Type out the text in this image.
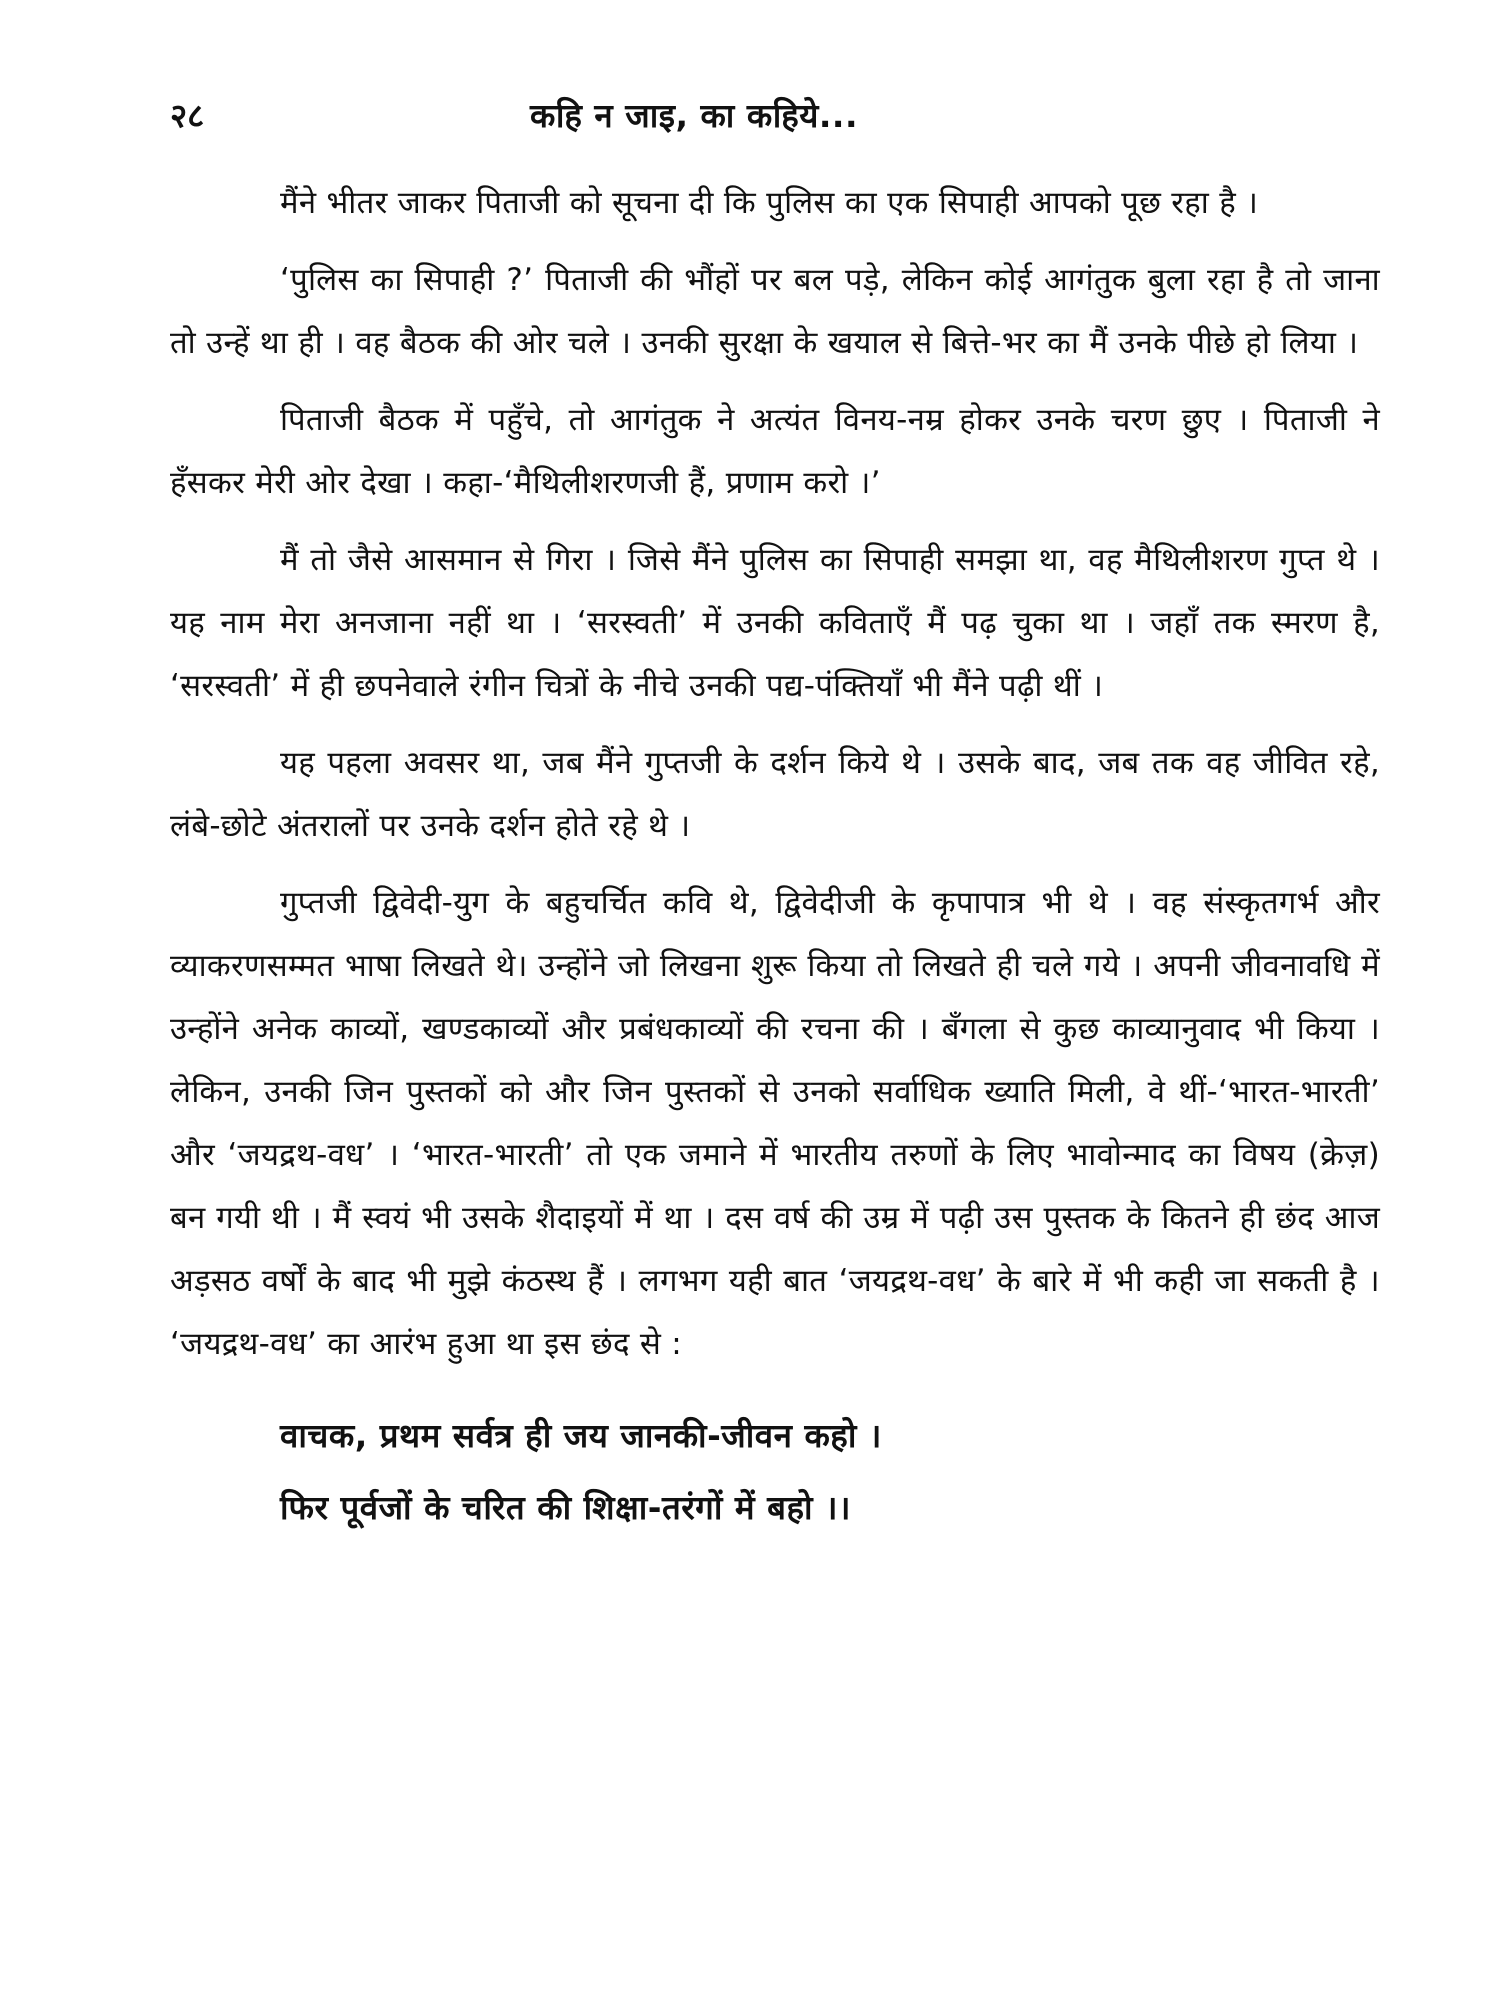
२८	कहि न जाइ, का कहिये...

मैंने भीतर जाकर पिताजी को सूचना दी कि पुलिस का एक सिपाही आपको पूछ रहा है ।

‘पुलिस का सिपाही ?’ पिताजी की भौंहों पर बल पड़े, लेकिन कोई आगंतुक बुला रहा है तो जाना तो उन्हें था ही । वह बैठक की ओर चले । उनकी सुरक्षा के खयाल से बित्ते-भर का मैं उनके पीछे हो लिया ।

पिताजी बैठक में पहुँचे, तो आगंतुक ने अत्यंत विनय-नम्र होकर उनके चरण छुए । पिताजी ने हँसकर मेरी ओर देखा । कहा-‘मैथिलीशरणजी हैं, प्रणाम करो ।’

मैं तो जैसे आसमान से गिरा । जिसे मैंने पुलिस का सिपाही समझा था, वह मैथिलीशरण गुप्त थे । यह नाम मेरा अनजाना नहीं था । ‘सरस्वती’ में उनकी कविताएँ मैं पढ़ चुका था । जहाँ तक स्मरण है, ‘सरस्वती’ में ही छपनेवाले रंगीन चित्रों के नीचे उनकी पद्य-पंक्तियाँ भी मैंने पढ़ी थीं ।

यह पहला अवसर था, जब मैंने गुप्तजी के दर्शन किये थे । उसके बाद, जब तक वह जीवित रहे, लंबे-छोटे अंतरालों पर उनके दर्शन होते रहे थे ।

गुप्तजी द्विवेदी-युग के बहुचर्चित कवि थे, द्विवेदीजी के कृपापात्र भी थे । वह संस्कृतगर्भ और व्याकरणसम्मत भाषा लिखते थे। उन्होंने जो लिखना शुरू किया तो लिखते ही चले गये । अपनी जीवनावधि में उन्होंने अनेक काव्यों, खण्डकाव्यों और प्रबंधकाव्यों की रचना की । बँगला से कुछ काव्यानुवाद भी किया । लेकिन, उनकी जिन पुस्तकों को और जिन पुस्तकों से उनको सर्वाधिक ख्याति मिली, वे थीं-‘भारत-भारती’ और ‘जयद्रथ-वध’ । ‘भारत-भारती’ तो एक जमाने में भारतीय तरुणों के लिए भावोन्माद का विषय (क्रेज़) बन गयी थी । मैं स्वयं भी उसके शैदाइयों में था । दस वर्ष की उम्र में पढ़ी उस पुस्तक के कितने ही छंद आज अड़सठ वर्षों के बाद भी मुझे कंठस्थ हैं । लगभग यही बात ‘जयद्रथ-वध’ के बारे में भी कही जा सकती है । ‘जयद्रथ-वध’ का आरंभ हुआ था इस छंद से :

वाचक, प्रथम सर्वत्र ही जय जानकी-जीवन कहो ।
फिर पूर्वजों के चरित की शिक्षा-तरंगों में बहो ।।
